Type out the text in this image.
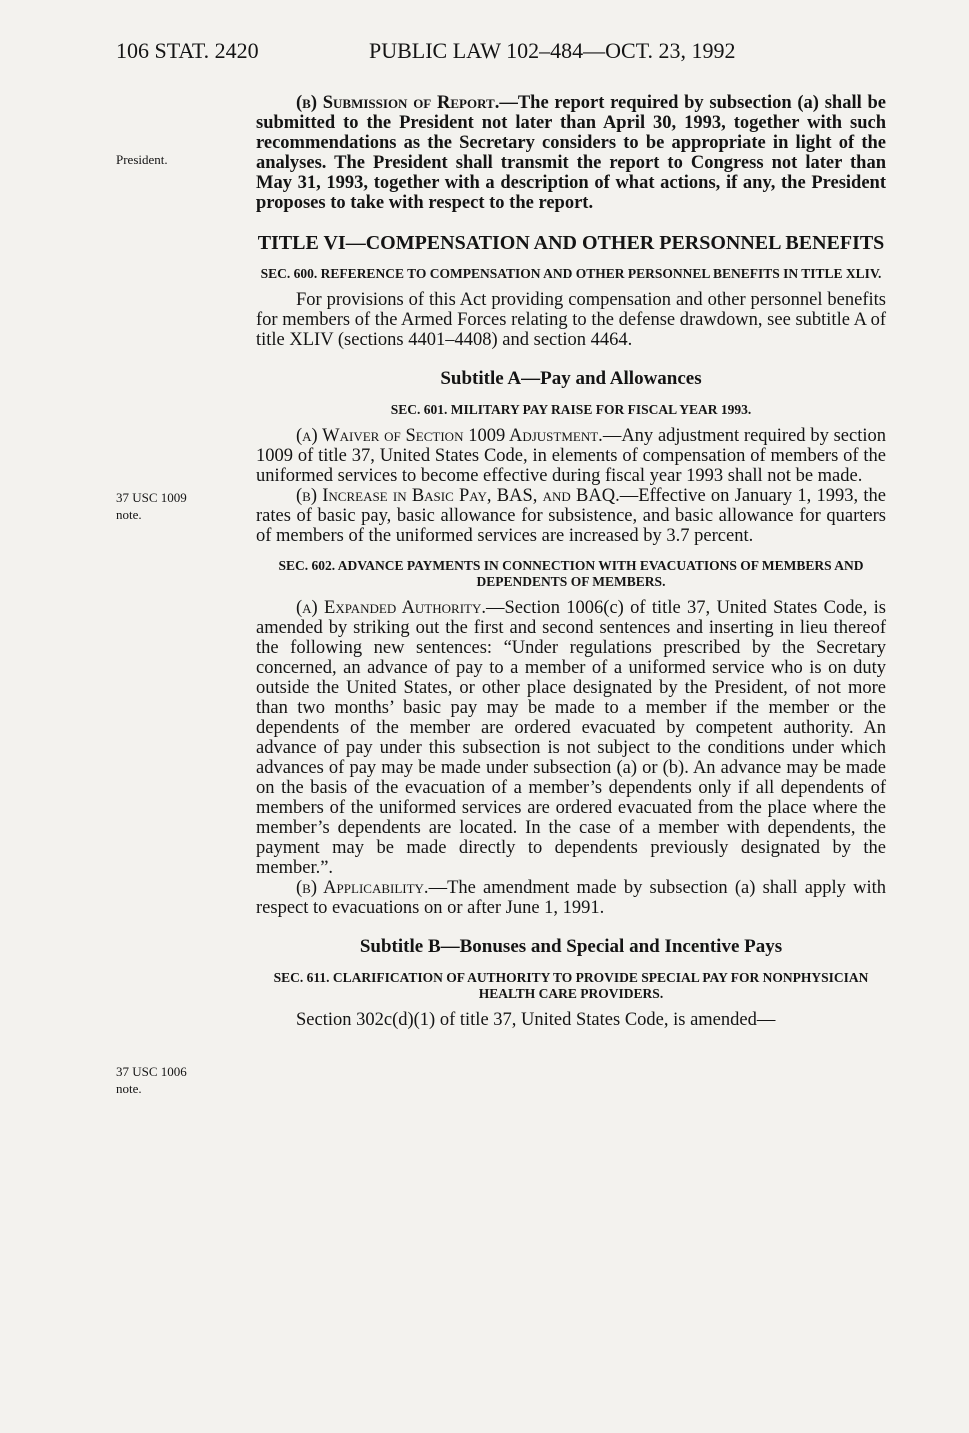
106 STAT. 2420	PUBLIC LAW 102–484—OCT. 23, 1992
President.
37 USC 1009
note.
37 USC 1006
note.

(b) Submission of Report.—The report required by subsection (a) shall be submitted to the President not later than April 30, 1993, together with such recommendations as the Secretary considers to be appropriate in light of the analyses. The President shall transmit the report to Congress not later than May 31, 1993, together with a description of what actions, if any, the President proposes to take with respect to the report.

TITLE VI—COMPENSATION AND OTHER PERSONNEL BENEFITS
SEC. 600. REFERENCE TO COMPENSATION AND OTHER PERSONNEL BENEFITS IN TITLE XLIV.

For provisions of this Act providing compensation and other personnel benefits for members of the Armed Forces relating to the defense drawdown, see subtitle A of title XLIV (sections 4401–4408) and section 4464.

Subtitle A—Pay and Allowances
SEC. 601. MILITARY PAY RAISE FOR FISCAL YEAR 1993.

(a) Waiver of Section 1009 Adjustment.—Any adjustment required by section 1009 of title 37, United States Code, in elements of compensation of members of the uniformed services to become effective during fiscal year 1993 shall not be made.

(b) Increase in Basic Pay, BAS, and BAQ.—Effective on January 1, 1993, the rates of basic pay, basic allowance for subsistence, and basic allowance for quarters of members of the uniformed services are increased by 3.7 percent.

SEC. 602. ADVANCE PAYMENTS IN CONNECTION WITH EVACUATIONS OF MEMBERS AND DEPENDENTS OF MEMBERS.

(a) Expanded Authority.—Section 1006(c) of title 37, United States Code, is amended by striking out the first and second sentences and inserting in lieu thereof the following new sentences: “Under regulations prescribed by the Secretary concerned, an advance of pay to a member of a uniformed service who is on duty outside the United States, or other place designated by the President, of not more than two months’ basic pay may be made to a member if the member or the dependents of the member are ordered evacuated by competent authority. An advance of pay under this subsection is not subject to the conditions under which advances of pay may be made under subsection (a) or (b). An advance may be made on the basis of the evacuation of a member’s dependents only if all dependents of members of the uniformed services are ordered evacuated from the place where the member’s dependents are located. In the case of a member with dependents, the payment may be made directly to dependents previously designated by the member.”.

(b) Applicability.—The amendment made by subsection (a) shall apply with respect to evacuations on or after June 1, 1991.

Subtitle B—Bonuses and Special and Incentive Pays
SEC. 611. CLARIFICATION OF AUTHORITY TO PROVIDE SPECIAL PAY FOR NONPHYSICIAN HEALTH CARE PROVIDERS.

Section 302c(d)(1) of title 37, United States Code, is amended—
